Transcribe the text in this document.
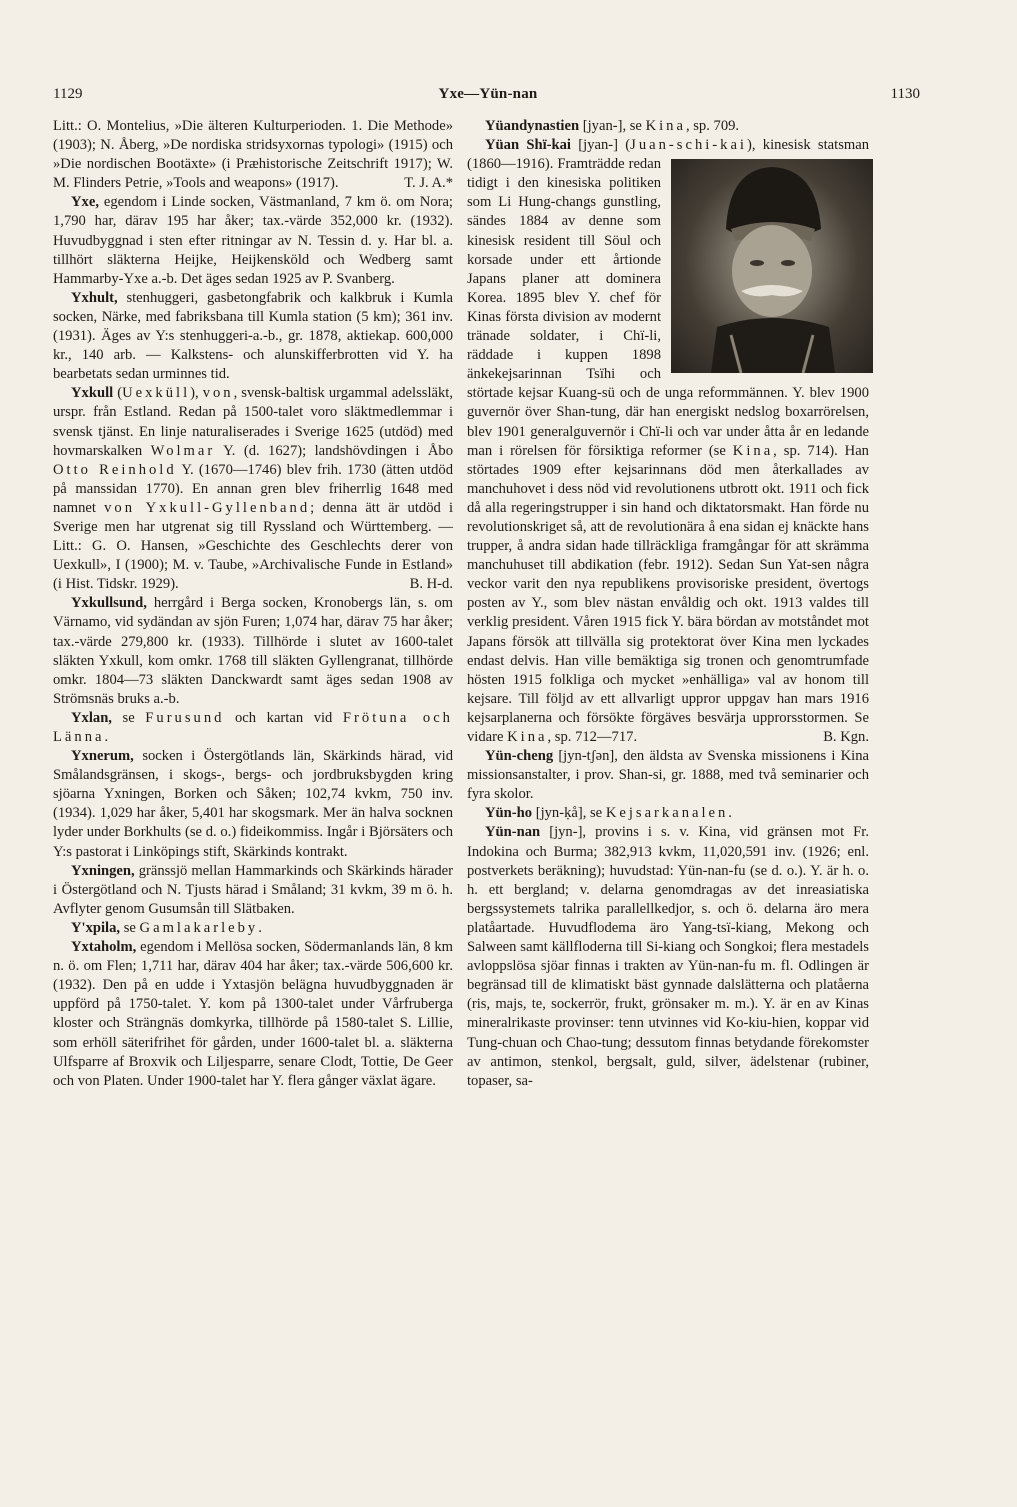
1129	Yxe—Yün-nan	1130

Litt.: O. Montelius, »Die älteren Kulturperioden. 1. Die Methode» (1903); N. Åberg, »De nordiska stridsyxornas typologi» (1915) och »Die nordischen Bootäxte» (i Præhistorische Zeitschrift 1917); W. M. Flinders Petrie, »Tools and weapons» (1917).	T. J. A.*

Yxe, egendom i Linde socken, Västmanland, 7 km ö. om Nora; 1,790 har, därav 195 har åker; tax.-värde 352,000 kr. (1932). Huvudbyggnad i sten efter ritningar av N. Tessin d. y. Har bl. a. tillhört släkterna Heijke, Heijkensköld och Wedberg samt Hammarby-Yxe a.-b. Det äges sedan 1925 av P. Svanberg.

Yxhult, stenhuggeri, gasbetongfabrik och kalkbruk i Kumla socken, Närke, med fabriksbana till Kumla station (5 km); 361 inv. (1931). Äges av Y:s stenhuggeri-a.-b., gr. 1878, aktiekap. 600,000 kr., 140 arb. — Kalkstens- och alunskifferbrotten vid Y. ha bearbetats sedan urminnes tid.

Yxkull (Uexküll), von, svensk-baltisk urgammal adelssläkt, urspr. från Estland. Redan på 1500-talet voro släktmedlemmar i svensk tjänst. En linje naturaliserades i Sverige 1625 (utdöd) med hovmarskalken Wolmar Y. (d. 1627); landshövdingen i Åbo Otto Reinhold Y. (1670—1746) blev frih. 1730 (ätten utdöd på manssidan 1770). En annan gren blev friherrlig 1648 med namnet von Yxkull-Gyllenband; denna ätt är utdöd i Sverige men har utgrenat sig till Ryssland och Württemberg. — Litt.: G. O. Hansen, »Geschichte des Geschlechts derer von Uexkull», I (1900); M. v. Taube, »Archivalische Funde in Estland» (i Hist. Tidskr. 1929).	B. H-d.

Yxkullsund, herrgård i Berga socken, Kronobergs län, s. om Värnamo, vid sydändan av sjön Furen; 1,074 har, därav 75 har åker; tax.-värde 279,800 kr. (1933). Tillhörde i slutet av 1600-talet släkten Yxkull, kom omkr. 1768 till släkten Gyllengranat, tillhörde omkr. 1804—73 släkten Danckwardt samt äges sedan 1908 av Strömsnäs bruks a.-b.

Yxlan, se Furusund och kartan vid Frötuna och Länna.

Yxnerum, socken i Östergötlands län, Skärkinds härad, vid Smålandsgränsen, i skogs-, bergs- och jordbruksbygden kring sjöarna Yxningen, Borken och Såken; 102,74 kvkm, 750 inv. (1934). 1,029 har åker, 5,401 har skogsmark. Mer än halva socknen lyder under Borkhults (se d. o.) fideikommiss. Ingår i Björsäters och Y:s pastorat i Linköpings stift, Skärkinds kontrakt.

Yxningen, gränssjö mellan Hammarkinds och Skärkinds härader i Östergötland och N. Tjusts härad i Småland; 31 kvkm, 39 m ö. h. Avflyter genom Gusumsån till Slätbaken.

Y'xpila, se Gamlakarleby.

Yxtaholm, egendom i Mellösa socken, Södermanlands län, 8 km n. ö. om Flen; 1,711 har, därav 404 har åker; tax.-värde 506,600 kr. (1932). Den på en udde i Yxtasjön belägna huvudbyggnaden är uppförd på 1750-talet. Y. kom på 1300-talet under Vårfruberga kloster och Strängnäs domkyrka, tillhörde på 1580-talet S. Lillie, som erhöll säterifrihet för gården, under 1600-talet bl. a. släkterna Ulfsparre af Broxvik och Liljesparre, senare Clodt, Tottie, De Geer och von Platen. Under 1900-talet har Y. flera gånger växlat ägare.

Yüandynastien [jyan-], se Kina, sp. 709.

Yüan Shï-kai [jyan-] (Juan-schi-kai
), kinesisk statsman (1860—1916). Framträdde redan tidigt i den kinesiska politiken som Li Hung-changs gunstling, sändes 1884 av denne som kinesisk resident till Söul och korsade under ett årtionde Japans planer att dominera Korea. 1895 blev Y. chef för Kinas första division av modernt tränade soldater, i Chï-li, räddade i kuppen 1898 änkekejsarinnan Tsïhi och störtade kejsar Kuang-sü och de unga reformmännen. Y. blev 1900 guvernör över Shan-tung, där han energiskt nedslog boxarrörelsen, blev 1901 generalguvernör i Chï-li och var under åtta år en ledande man i rörelsen för försiktiga reformer (se Kina, sp. 714). Han störtades 1909 efter kejsarinnans död men återkallades av manchuhovet i dess nöd vid revolutionens utbrott okt. 1911 och fick då alla regeringstrupper i sin hand och diktatorsmakt. Han förde nu revolutionskriget så, att de revolutionära å ena sidan ej knäckte hans trupper, å andra sidan hade tillräckliga framgångar för att skrämma manchuhuset till abdikation (febr. 1912). Sedan Sun Yat-sen några veckor varit den nya republikens provisoriske president, övertogs posten av Y., som blev nästan envåldig och okt. 1913 valdes till verklig president. Våren 1915 fick Y. bära bördan av motståndet mot Japans försök att tillvälla sig protektorat över Kina men lyckades endast delvis. Han ville bemäktiga sig tronen och genomtrumfade hösten 1915 folkliga och mycket »enhälliga» val av honom till kejsare. Till följd av ett allvarligt uppror uppgav han mars 1916 kejsarplanerna och försökte förgäves besvärja upprorsstormen. Se vidare Kina, sp. 712—717.	B. Kgn.

Yün-cheng [jyn-tʃən], den äldsta av Svenska missionens i Kina missionsanstalter, i prov. Shan-si, gr. 1888, med två seminarier och fyra skolor.

Yün-ho [jyn-ḳå], se Kejsarkanalen.

Yün-nan [jyn-], provins i s. v. Kina, vid gränsen mot Fr. Indokina och Burma; 382,913 kvkm, 11,020,591 inv. (1926; enl. postverkets beräkning); huvudstad: Yün-nan-fu (se d. o.). Y. är h. o. h. ett bergland; v. delarna genomdragas av det inreasiatiska bergssystemets talrika parallellkedjor, s. och ö. delarna äro mera platåartade. Huvudflodema äro Yang-tsï-kiang, Mekong och Salween samt källfloderna till Si-kiang och Songkoi; flera mestadels avloppslösa sjöar finnas i trakten av Yün-nan-fu m. fl. Odlingen är begränsad till de klimatiskt bäst gynnade dalslätterna och platåerna (ris, majs, te, sockerrör, frukt, grönsaker m. m.). Y. är en av Kinas mineralrikaste provinser: tenn utvinnes vid Ko-kiu-hien, koppar vid Tung-chuan och Chao-tung; dessutom finnas betydande förekomster av antimon, stenkol, bergsalt, guld, silver, ädelstenar (rubiner, topaser, sa-
